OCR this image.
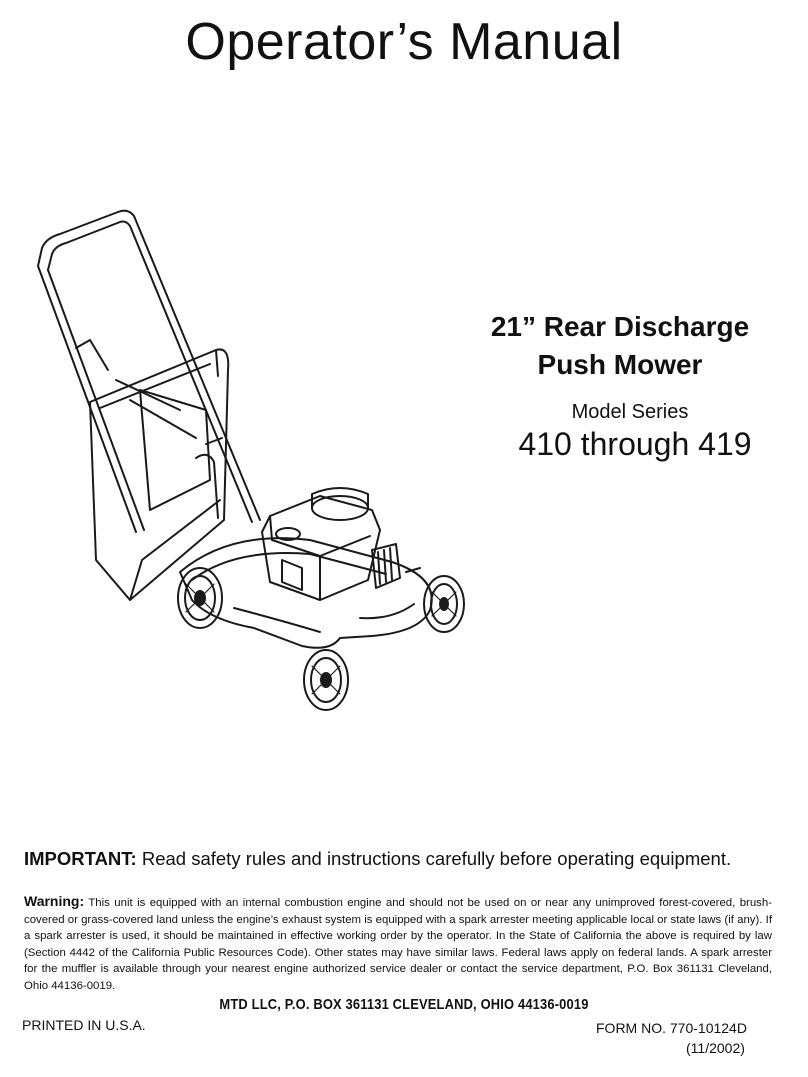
Operator’s Manual
21” Rear Discharge
Push Mower
Model Series
410 through 419
IMPORTANT: Read safety rules and instructions carefully before operating equipment.
Warning: This unit is equipped with an internal combustion engine and should not be used on or near any unimproved forest-covered, brush-covered or grass-covered land unless the engine’s exhaust system is equipped with a spark arrester meeting applicable local or state laws (if any). If a spark arrester is used, it should be maintained in effective working order by the operator. In the State of California the above is required by law (Section 4442 of the California Public Resources Code). Other states may have similar laws. Federal laws apply on federal lands. A spark arrester for the muffler is available through your nearest engine authorized service dealer or contact the service department, P.O. Box 361131 Cleveland, Ohio 44136-0019.
MTD LLC, P.O. BOX 361131 CLEVELAND, OHIO 44136-0019
PRINTED IN U.S.A.	FORM NO. 770-10124D
(11/2002)
